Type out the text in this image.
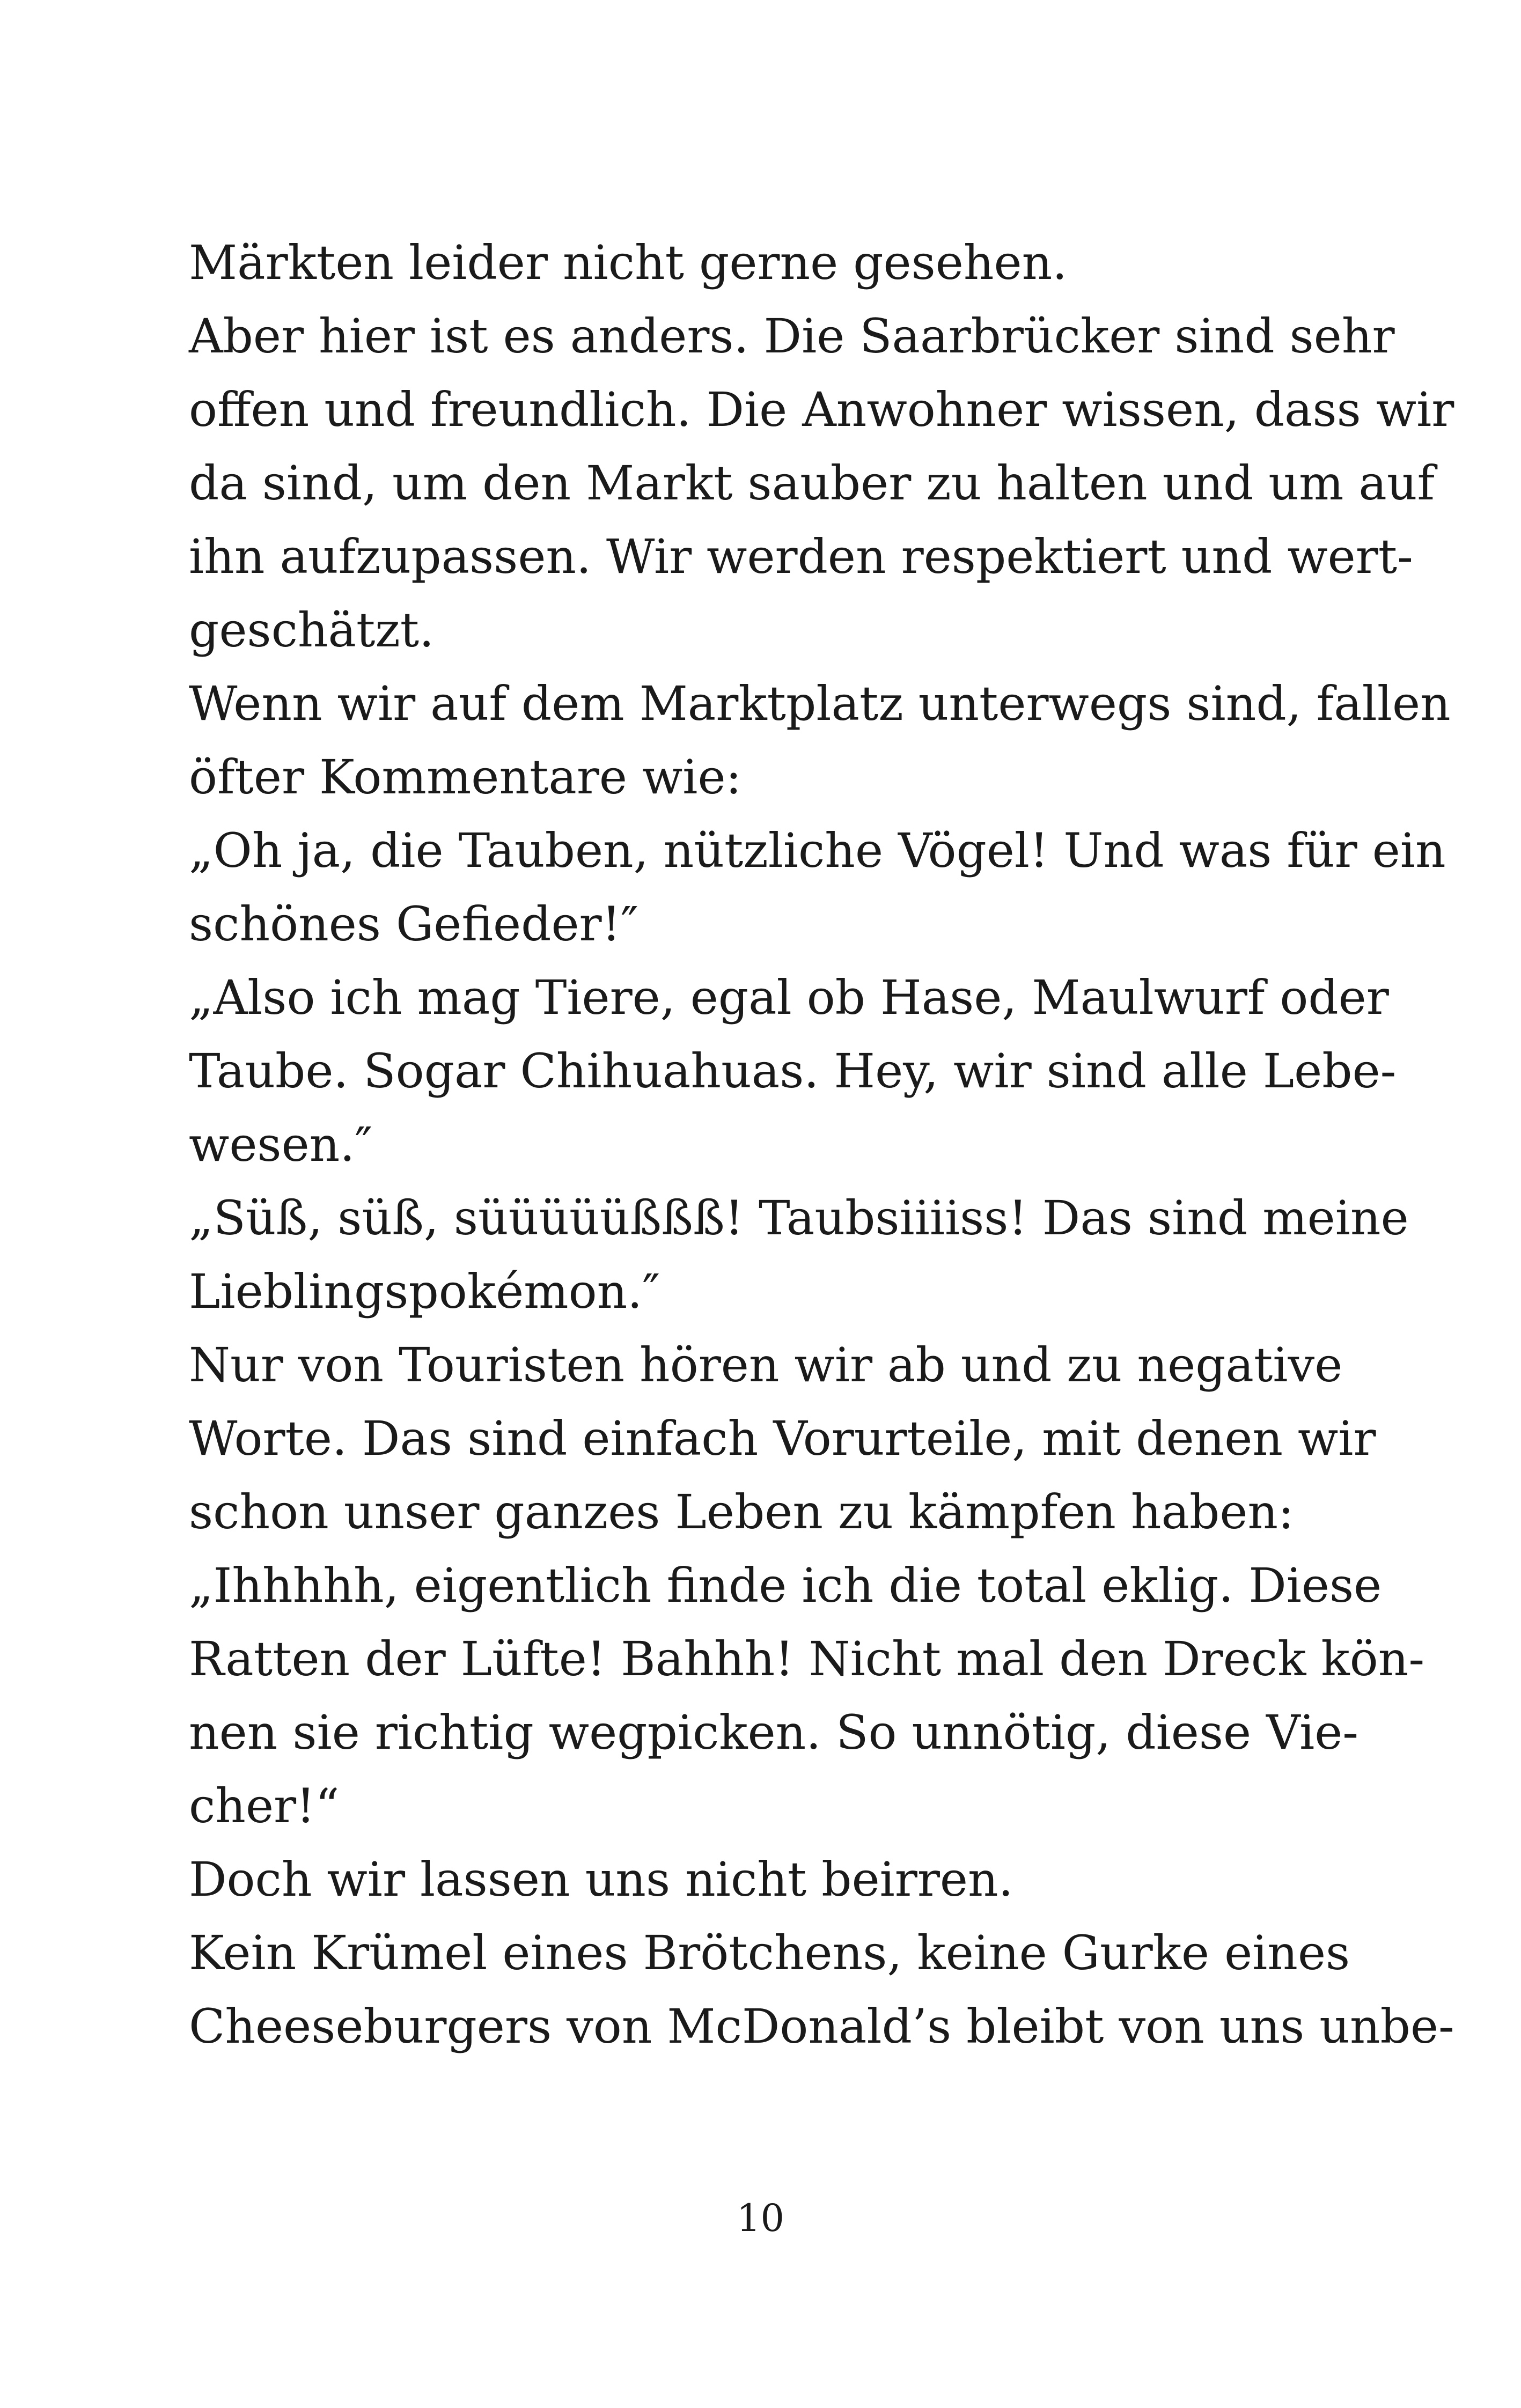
Märkten leider nicht gerne gesehen.
Aber hier ist es anders. Die Saarbrücker sind sehr
offen und freundlich. Die Anwohner wissen, dass wir
da sind, um den Markt sauber zu halten und um auf
ihn aufzupassen. Wir werden respektiert und wert-
geschätzt.
Wenn wir auf dem Marktplatz unterwegs sind, fallen
öfter Kommentare wie:
„Oh ja, die Tauben, nützliche Vögel! Und was für ein
schönes Gefieder!″
„Also ich mag Tiere, egal ob Hase, Maulwurf oder
Taube. Sogar Chihuahuas. Hey, wir sind alle Lebe-
wesen.″
„Süß, süß, süüüüüßßß! Taubsiiiiss! Das sind meine
Lieblingspokémon.″
Nur von Touristen hören wir ab und zu negative
Worte. Das sind einfach Vorurteile, mit denen wir
schon unser ganzes Leben zu kämpfen haben:
„Ihhhhh, eigentlich finde ich die total eklig. Diese
Ratten der Lüfte! Bahhh! Nicht mal den Dreck kön-
nen sie richtig wegpicken. So unnötig, diese Vie-
cher!“
Doch wir lassen uns nicht beirren.
Kein Krümel eines Brötchens, keine Gurke eines
Cheeseburgers von McDonald’s bleibt von uns unbe-
10
